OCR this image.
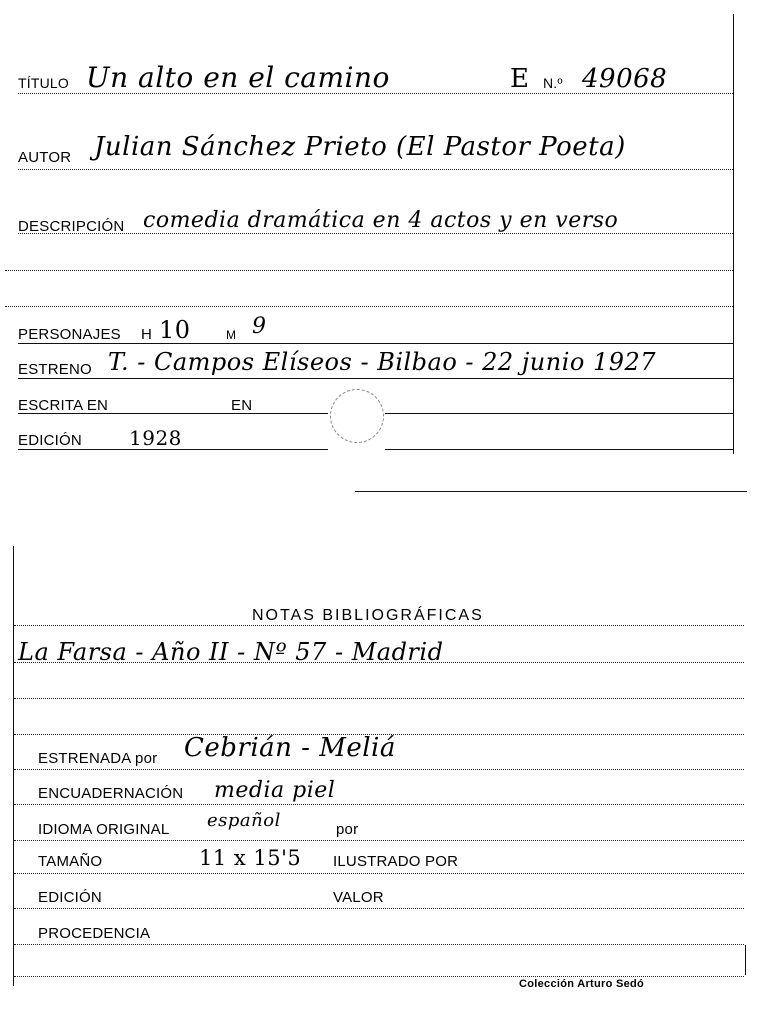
TÍTULO Un alto en el camino	E N.º 49068
AUTOR Julian Sánchez Prieto (El Pastor Poeta)
DESCRIPCIÓN comedia dramática en 4 actos y en verso
PERSONAJES H 10	M 9
ESTRENO T. - Campos Elíseos - Bilbao - 22 junio 1927
ESCRITA EN	EN
EDICIÓN 1928
NOTAS BIBLIOGRÁFICAS
La Farsa - Año II - Nº 57 - Madrid
ESTRENADA por Cebrián - Meliá
ENCUADERNACIÓN media piel
IDIOMA ORIGINAL español	por
TAMAÑO	11 x 15'5 ILUSTRADO POR
EDICIÓN	VALOR
PROCEDENCIA
Colección Arturo Sedó
